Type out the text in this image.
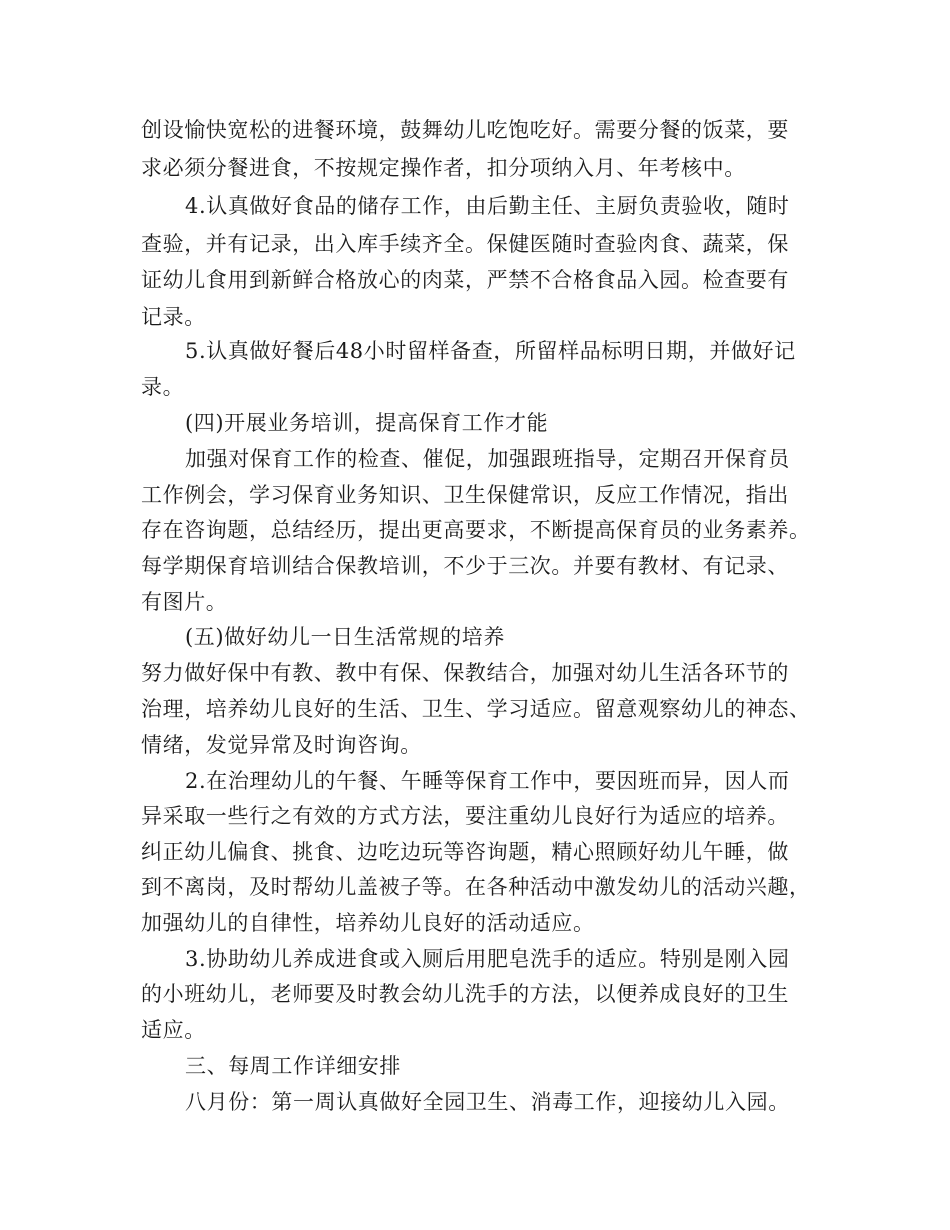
创设愉快宽松的进餐环境，鼓舞幼儿吃饱吃好。需要分餐的饭菜，要
求必须分餐进食，不按规定操作者，扣分项纳入月、年考核中。
4.认真做好食品的储存工作，由后勤主任、主厨负责验收，随时
查验，并有记录，出入库手续齐全。保健医随时查验肉食、蔬菜，保
证幼儿食用到新鲜合格放心的肉菜，严禁不合格食品入园。检查要有
记录。
5.认真做好餐后48小时留样备查，所留样品标明日期，并做好记
录。
(四)开展业务培训，提高保育工作才能
加强对保育工作的检查、催促，加强跟班指导，定期召开保育员
工作例会，学习保育业务知识、卫生保健常识，反应工作情况，指出
存在咨询题，总结经历，提出更高要求，不断提高保育员的业务素养。
每学期保育培训结合保教培训，不少于三次。并要有教材、有记录、
有图片。
(五)做好幼儿一日生活常规的培养
努力做好保中有教、教中有保、保教结合，加强对幼儿生活各环节的
治理，培养幼儿良好的生活、卫生、学习适应。留意观察幼儿的神态、
情绪，发觉异常及时询咨询。
2.在治理幼儿的午餐、午睡等保育工作中，要因班而异，因人而
异采取一些行之有效的方式方法，要注重幼儿良好行为适应的培养。
纠正幼儿偏食、挑食、边吃边玩等咨询题，精心照顾好幼儿午睡，做
到不离岗，及时帮幼儿盖被子等。在各种活动中激发幼儿的活动兴趣，
加强幼儿的自律性，培养幼儿良好的活动适应。
3.协助幼儿养成进食或入厕后用肥皂洗手的适应。特别是刚入园
的小班幼儿，老师要及时教会幼儿洗手的方法，以便养成良好的卫生
适应。
三、每周工作详细安排
八月份：第一周认真做好全园卫生、消毒工作，迎接幼儿入园。
